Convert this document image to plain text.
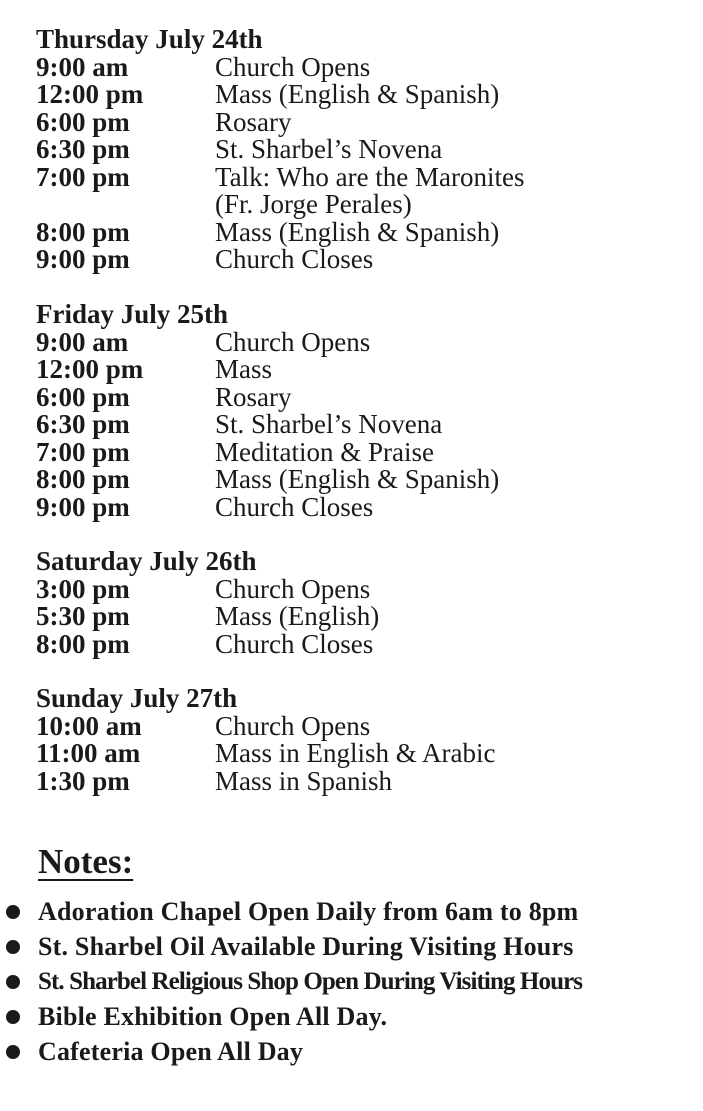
Thursday July 24th
9:00 am	Church Opens
12:00 pm	Mass (English & Spanish)
6:00 pm	Rosary
6:30 pm	St. Sharbel’s Novena
7:00 pm	Talk: Who are the Maronites
(Fr. Jorge Perales)
8:00 pm	Mass (English & Spanish)
9:00 pm	Church Closes
Friday July 25th
9:00 am	Church Opens
12:00 pm	Mass
6:00 pm	Rosary
6:30 pm	St. Sharbel’s Novena
7:00 pm	Meditation & Praise
8:00 pm	Mass (English & Spanish)
9:00 pm	Church Closes
Saturday July 26th
3:00 pm	Church Opens
5:30 pm	Mass (English)
8:00 pm	Church Closes
Sunday July 27th
10:00 am	Church Opens
11:00 am	Mass in English & Arabic
1:30 pm	Mass in Spanish
Notes:
Adoration Chapel Open Daily from 6am to 8pm
St. Sharbel Oil Available During Visiting Hours
St. Sharbel Religious Shop Open During Visiting Hours
Bible Exhibition Open All Day.
Cafeteria Open All Day
